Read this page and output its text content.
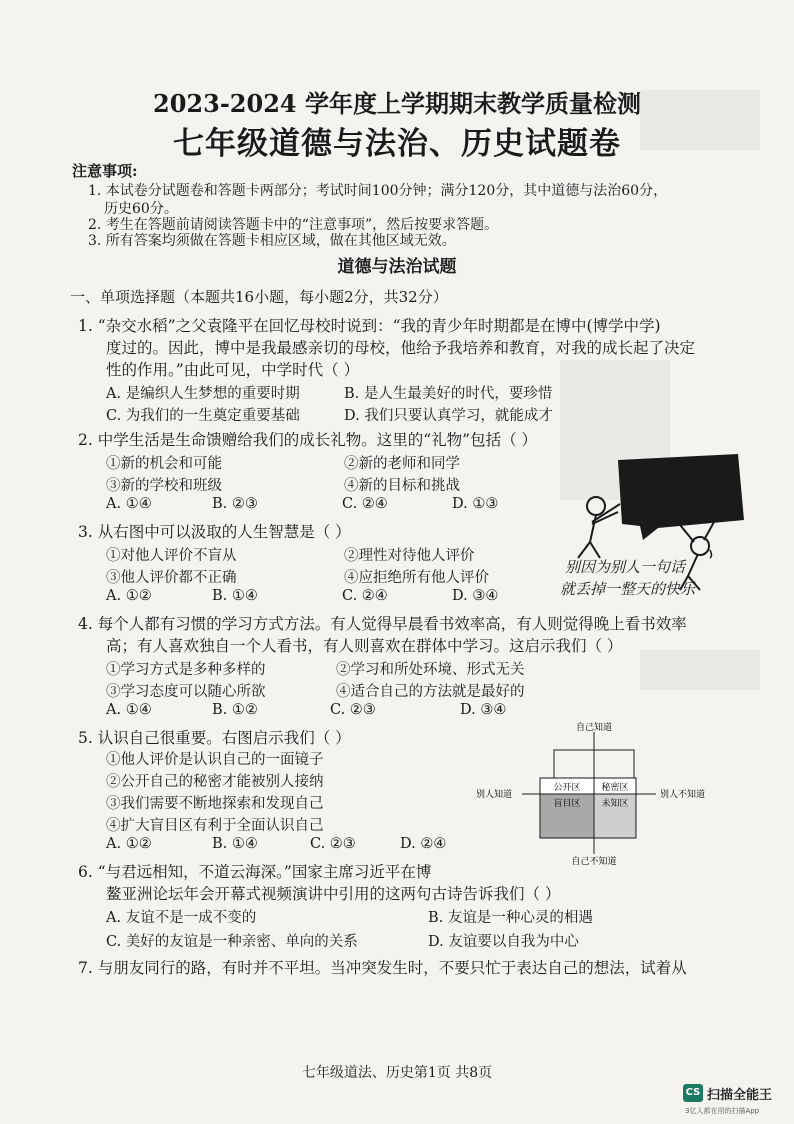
2023-2024 学年度上学期期末教学质量检测
七年级道德与法治、历史试题卷
注意事项:
1. 本试卷分试题卷和答题卡两部分；考试时间100分钟；满分120分，其中道德与法治60分，
历史60分。
2. 考生在答题前请阅读答题卡中的“注意事项”，然后按要求答题。
3. 所有答案均须做在答题卡相应区域，做在其他区域无效。
道德与法治试题
一、单项选择题（本题共16小题，每小题2分，共32分）
1. “杂交水稻”之父袁隆平在回忆母校时说到：“我的青少年时期都是在博中(博学中学)
度过的。因此，博中是我最感亲切的母校，他给予我培养和教育，对我的成长起了决定
性的作用。”由此可见，中学时代（ ）
A. 是编织人生梦想的重要时期	B. 是人生最美好的时代，要珍惜
C. 为我们的一生奠定重要基础	D. 我们只要认真学习，就能成才
2. 中学生活是生命馈赠给我们的成长礼物。这里的“礼物”包括（ ）
①新的机会和可能	②新的老师和同学
③新的学校和班级	④新的目标和挑战
A. ①④	B. ②③	C. ②④	D. ①③
3. 从右图中可以汲取的人生智慧是（ ）
①对他人评价不盲从	②理性对待他人评价
③他人评价都不正确	④应拒绝所有他人评价
A. ①②	B. ①④	C. ②④	D. ③④
别因为别人一句话
就丢掉一整天的快乐
4. 每个人都有习惯的学习方式方法。有人觉得早晨看书效率高，有人则觉得晚上看书效率
高；有人喜欢独自一个人看书，有人则喜欢在群体中学习。这启示我们（ ）
①学习方式是多种多样的	②学习和所处环境、形式无关
③学习态度可以随心所欲	④适合自己的方法就是最好的
A. ①④	B. ①②	C. ②③	D. ③④
5. 认识自己很重要。右图启示我们（ ）
①他人评价是认识自己的一面镜子
②公开自己的秘密才能被别人接纳
③我们需要不断地探索和发现自己
④扩大盲目区有利于全面认识自己
A. ①②	B. ①④	C. ②③	D. ②④
自己知道
自己不知道
别人知道	别人不知道
公开区 秘密区
盲目区 未知区
6. “与君远相知，不道云海深。”国家主席习近平在博
鳌亚洲论坛年会开幕式视频演讲中引用的这两句古诗告诉我们（ ）
A. 友谊不是一成不变的	B. 友谊是一种心灵的相遇
C. 美好的友谊是一种亲密、单向的关系	D. 友谊要以自我为中心
7. 与朋友同行的路，有时并不平坦。当冲突发生时，不要只忙于表达自己的想法，试着从
七年级道法、历史第1页 共8页
CS 扫描全能王
3亿人都在用的扫描App
